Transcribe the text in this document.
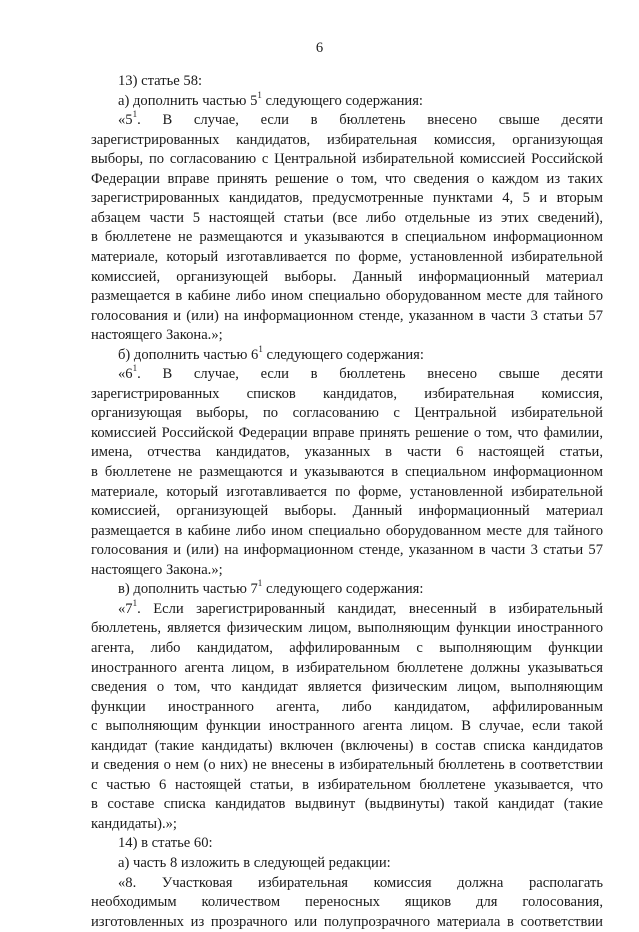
6
13) статье 58:
а) дополнить частью $5^1$ следующего содержания:
«$5^1$. В случае, если в бюллетень внесено свыше десяти
зарегистрированных кандидатов, избирательная комиссия, организующая
выборы, по согласованию с Центральной избирательной комиссией Российской
Федерации вправе принять решение о том, что сведения о каждом из таких
зарегистрированных кандидатов, предусмотренные пунктами 4, 5 и вторым
абзацем части 5 настоящей статьи (все либо отдельные из этих сведений),
в бюллетене не размещаются и указываются в специальном информационном
материале, который изготавливается по форме, установленной избирательной
комиссией, организующей выборы. Данный информационный материал
размещается в кабине либо ином специально оборудованном месте для тайного
голосования и (или) на информационном стенде, указанном в части 3 статьи 57
настоящего Закона.»;
б) дополнить частью $6^1$ следующего содержания:
«$6^1$. В случае, если в бюллетень внесено свыше десяти
зарегистрированных списков кандидатов, избирательная комиссия,
организующая выборы, по согласованию с Центральной избирательной
комиссией Российской Федерации вправе принять решение о том, что фамилии,
имена, отчества кандидатов, указанных в части 6 настоящей статьи,
в бюллетене не размещаются и указываются в специальном информационном
материале, который изготавливается по форме, установленной избирательной
комиссией, организующей выборы. Данный информационный материал
размещается в кабине либо ином специально оборудованном месте для тайного
голосования и (или) на информационном стенде, указанном в части 3 статьи 57
настоящего Закона.»;
в) дополнить частью $7^1$ следующего содержания:
«$7^1$. Если зарегистрированный кандидат, внесенный в избирательный
бюллетень, является физическим лицом, выполняющим функции иностранного
агента, либо кандидатом, аффилированным с выполняющим функции
иностранного агента лицом, в избирательном бюллетене должны указываться
сведения о том, что кандидат является физическим лицом, выполняющим
функции иностранного агента, либо кандидатом, аффилированным
с выполняющим функции иностранного агента лицом. В случае, если такой
кандидат (такие кандидаты) включен (включены) в состав списка кандидатов
и сведения о нем (о них) не внесены в избирательный бюллетень в соответствии
с частью 6 настоящей статьи, в избирательном бюллетене указывается, что
в составе списка кандидатов выдвинут (выдвинуты) такой кандидат (такие
кандидаты).»;
14) в статье 60:
а) часть 8 изложить в следующей редакции:
«8. Участковая избирательная комиссия должна располагать
необходимым количеством переносных ящиков для голосования,
изготовленных из прозрачного или полупрозрачного материала в соответствии
